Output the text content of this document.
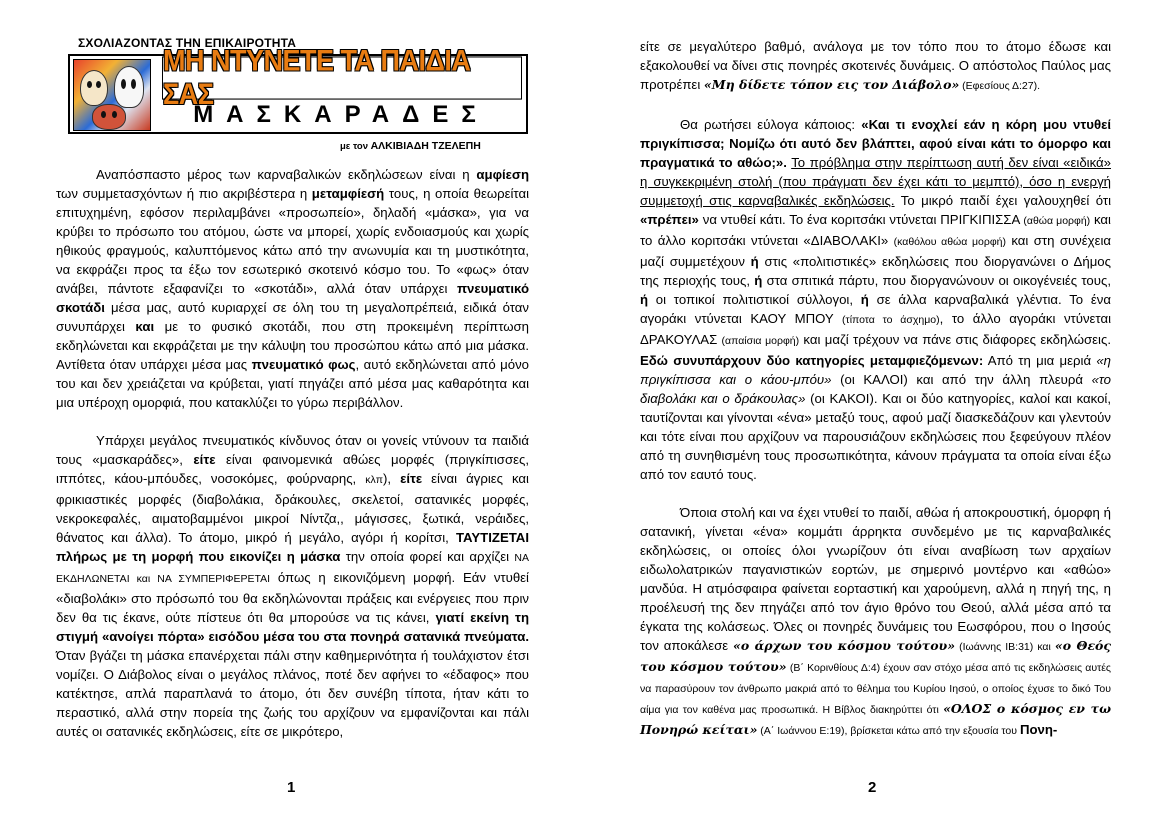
ΣΧΟΛΙΑΖΟΝΤΑΣ ΤΗΝ ΕΠΙΚΑΙΡΟΤΗΤΑ
ΜΗ ΝΤΥΝΕΤΕ ΤΑ ΠΑΙΔΙΑ ΣΑΣ
ΜΑΣΚΑΡΑΔΕΣ
με τον ΑΛΚΙΒΙΑΔΗ ΤΖΕΛΕΠΗ

Αναπόσπαστο μέρος των καρναβαλικών εκδηλώσεων είναι η αμφίεση των συμμετασχόντων ή πιο ακριβέστερα η μεταμφίεσή τους, η οποία θεωρείται επιτυχημένη, εφόσον περιλαμβάνει «προσωπείο», δηλαδή «μάσκα», για να κρύβει το πρόσωπο του ατόμου, ώστε να μπορεί, χωρίς ενδοιασμούς και χωρίς ηθικούς φραγμούς, καλυπτόμενος κάτω από την ανωνυμία και τη μυστικότητα, να εκφράζει προς τα έξω τον εσωτερικό σκοτεινό κόσμο του. Το «φως» όταν ανάβει, πάντοτε εξαφανίζει το «σκοτάδι», αλλά όταν υπάρχει πνευματικό σκοτάδι μέσα μας, αυτό κυριαρχεί σε όλη του τη μεγαλοπρέπειά, ειδικά όταν συνυπάρχει και με το φυσικό σκοτάδι, που στη προκειμένη περίπτωση εκδηλώνεται και εκφράζεται με την κάλυψη του προσώπου κάτω από μια μάσκα. Αντίθετα όταν υπάρχει μέσα μας πνευματικό φως, αυτό εκδηλώνεται από μόνο του και δεν χρειάζεται να κρύβεται, γιατί πηγάζει από μέσα μας καθαρότητα και μια υπέροχη ομορφιά, που κατακλύζει το γύρω περιβάλλον.

Υπάρχει μεγάλος πνευματικός κίνδυνος όταν οι γονείς ντύνουν τα παιδιά τους «μασκαράδες», είτε είναι φαινομενικά αθώες μορφές (πριγκίπισσες, ιππότες, κάου-μπόυδες, νοσοκόμες, φούρναρης, κλπ), είτε είναι άγριες και φρικιαστικές μορφές (διαβολάκια, δράκουλες, σκελετοί, σατανικές μορφές, νεκροκεφαλές, αιματοβαμμένοι μικροί Νίντζα,, μάγισσες, ξωτικά, νεράιδες, θάνατος και άλλα). Το άτομο, μικρό ή μεγάλο, αγόρι ή κορίτσι, ΤΑΥΤΙΖΕΤΑΙ πλήρως με τη μορφή που εικονίζει η μάσκα την οποία φορεί και αρχίζει ΝΑ ΕΚΔΗΛΩΝΕΤΑΙ και ΝΑ ΣΥΜΠΕΡΙΦΕΡΕΤΑΙ όπως η εικονιζόμενη μορφή. Εάν ντυθεί «διαβολάκι» στο πρόσωπό του θα εκδηλώνονται πράξεις και ενέργειες που πριν δεν θα τις έκανε, ούτε πίστευε ότι θα μπορούσε να τις κάνει, γιατί εκείνη τη στιγμή «ανοίγει πόρτα» εισόδου μέσα του στα πονηρά σατανικά πνεύματα. Όταν βγάζει τη μάσκα επανέρχεται πάλι στην καθημερινότητα ή τουλάχιστον έτσι νομίζει. Ο Διάβολος είναι ο μεγάλος πλάνος, ποτέ δεν αφήνει το «έδαφος» που κατέκτησε, απλά παραπλανά το άτομο, ότι δεν συνέβη τίποτα, ήταν κάτι το περαστικό, αλλά στην πορεία της ζωής του αρχίζουν να εμφανίζονται και πάλι αυτές οι σατανικές εκδηλώσεις, είτε σε μικρότερο,

1

είτε σε μεγαλύτερο βαθμό, ανάλογα με τον τόπο που το άτομο έδωσε και εξακολουθεί να δίνει στις πονηρές σκοτεινές δυνάμεις. Ο απόστολος Παύλος μας προτρέπει «Μη δίδετε τόπον εις τον Διάβολο» (Εφεσίους Δ:27).

Θα ρωτήσει εύλογα κάποιος: «Και τι ενοχλεί εάν η κόρη μου ντυθεί πριγκίπισσα; Νομίζω ότι αυτό δεν βλάπτει, αφού είναι κάτι το όμορφο και πραγματικά το αθώο;». Το πρόβλημα στην περίπτωση αυτή δεν είναι «ειδικά» η συγκεκριμένη στολή (που πράγματι δεν έχει κάτι το μεμπτό), όσο η ενεργή συμμετοχή στις καρναβαλικές εκδηλώσεις. Το μικρό παιδί έχει γαλουχηθεί ότι «πρέπει» να ντυθεί κάτι. Το ένα κοριτσάκι ντύνεται ΠΡΙΓΚΙΠΙΣΣΑ (αθώα μορφή) και το άλλο κοριτσάκι ντύνεται «ΔΙΑΒΟΛΑΚΙ» (καθόλου αθώα μορφή) και στη συνέχεια μαζί συμμετέχουν ή στις «πολιτιστικές» εκδηλώσεις που διοργανώνει ο Δήμος της περιοχής τους, ή στα σπιτικά πάρτυ, που διοργανώνουν οι οικογένειές τους, ή οι τοπικοί πολιτιστικοί σύλλογοι, ή σε άλλα καρναβαλικά γλέντια. Το ένα αγοράκι ντύνεται ΚΑΟΥ ΜΠΟΥ (τίποτα το άσχημο), το άλλο αγοράκι ντύνεται ΔΡΑΚΟΥΛΑΣ (απαίσια μορφή) και μαζί τρέχουν να πάνε στις διάφορες εκδηλώσεις. Εδώ συνυπάρχουν δύο κατηγορίες μεταμφιεζόμενων: Από τη μια μεριά «η πριγκίπισσα και ο κάου-μπόυ» (οι ΚΑΛΟΙ) και από την άλλη πλευρά «το διαβολάκι και ο δράκουλας» (οι ΚΑΚΟΙ). Και οι δύο κατηγορίες, καλοί και κακοί, ταυτίζονται και γίνονται «ένα» μεταξύ τους, αφού μαζί διασκεδάζουν και γλεντούν και τότε είναι που αρχίζουν να παρουσιάζουν εκδηλώσεις που ξεφεύγουν πλέον από τη συνηθισμένη τους προσωπικότητα, κάνουν πράγματα τα οποία είναι έξω από τον εαυτό τους.

Όποια στολή και να έχει ντυθεί το παιδί, αθώα ή αποκρουστική, όμορφη ή σατανική, γίνεται «ένα» κομμάτι άρρηκτα συνδεμένο με τις καρναβαλικές εκδηλώσεις, οι οποίες όλοι γνωρίζουν ότι είναι αναβίωση των αρχαίων ειδωλολατρικών παγανιστικών εορτών, με σημερινό μοντέρνο και «αθώο» μανδύα. Η ατμόσφαιρα φαίνεται εορταστική και χαρούμενη, αλλά η πηγή της, η προέλευσή της δεν πηγάζει από τον άγιο θρόνο του Θεού, αλλά μέσα από τα έγκατα της κολάσεως. Όλες οι πονηρές δυνάμεις του Εωσφόρου, που ο Ιησούς τον αποκάλεσε «ο άρχων του κόσμου τούτου» (Ιωάννης ΙΒ:31) και «ο Θεός του κόσμου τούτου» (Β΄ Κορινθίους Δ:4) έχουν σαν στόχο μέσα από τις εκδηλώσεις αυτές να παρασύρουν τον άνθρωπο μακριά από το θέλημα του Κυρίου Ιησού, ο οποίος έχυσε το δικό Του αίμα για τον καθένα μας προσωπικά. Η Βίβλος διακηρύττει ότι «ΟΛΟΣ ο κόσμος εν τω Πονηρώ κείται» (Α΄ Ιωάννου Ε:19), βρίσκεται κάτω από την εξουσία του Πονη-

2
